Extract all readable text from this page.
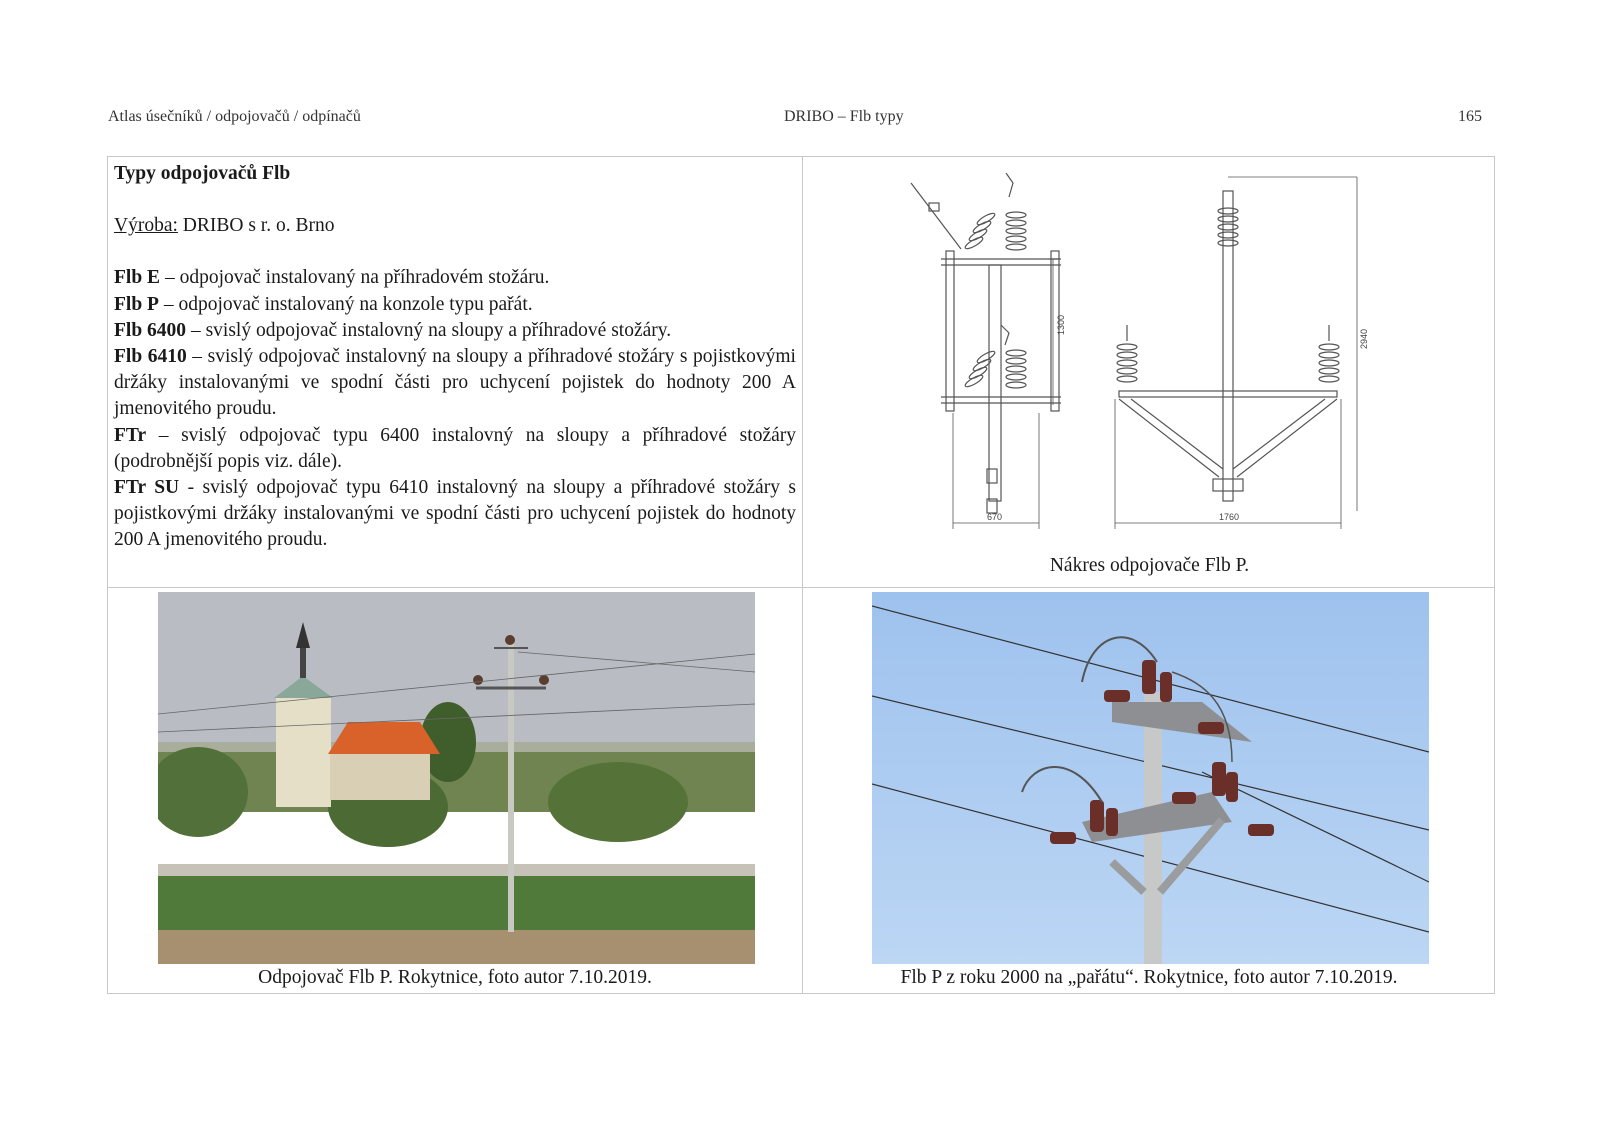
Atlas úsečníků / odpojovačů / odpínačů	DRIBO – Flb typy	165

Typy odpojovačů Flb

Výroba: DRIBO s r. o. Brno

Flb E – odpojovač instalovaný na příhradovém stožáru.

Flb P – odpojovač instalovaný na konzole typu pařát.

Flb 6400 – svislý odpojovač instalovný na sloupy a příhradové stožáry.

Flb 6410 – svislý odpojovač instalovný na sloupy a příhradové stožáry s pojistkovými držáky instalovanými ve spodní části pro uchycení pojistek do hodnoty 200 A jmenovitého proudu.

FTr – svislý odpojovač typu 6400 instalovný na sloupy a příhradové stožáry (podrobnější popis viz. dále).

FTr SU - svislý odpojovač typu 6410 instalovný na sloupy a příhradové stožáry s pojistkovými držáky instalovanými ve spodní části pro uchycení pojistek do hodnoty 200 A jmenovitého proudu.

1300
670
2940
1760
Nákres odpojovače Flb P.
Odpojovač Flb P. Rokytnice, foto autor 7.10.2019.	Flb P z roku 2000 na „pařátu“. Rokytnice, foto autor 7.10.2019.
